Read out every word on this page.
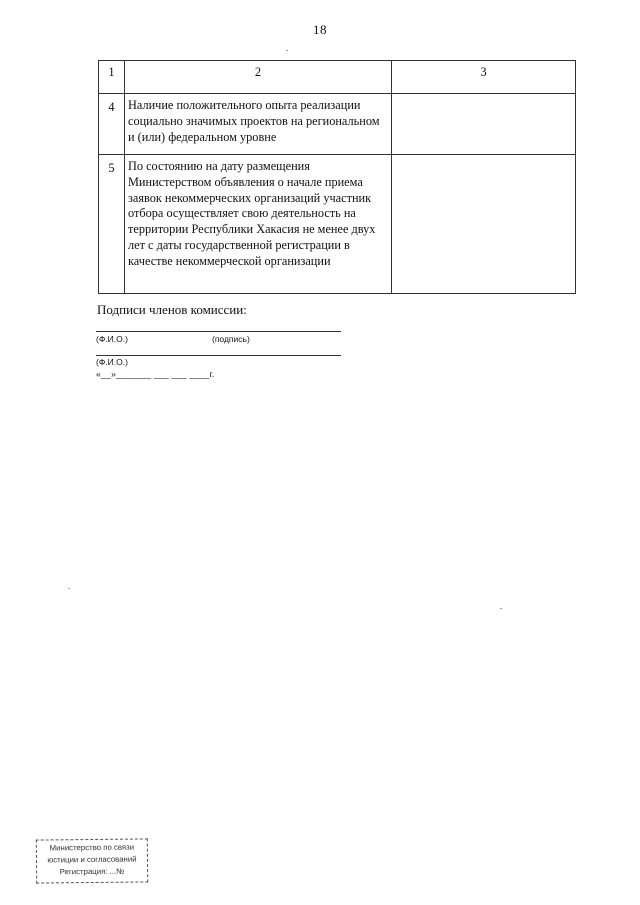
18
1	2	3
4	Наличие положительного опыта реализации социально значимых проектов на региональном и (или) федеральном уровне	
5	По состоянию на дату размещения Министерством объявления о начале приема заявок некоммерческих организаций участник отбора осуществляет свою деятельность на территории Республики Хакасия не менее двух лет с даты государственной регистрации в качестве некоммерческой организации	
Подписи членов комиссии:
(Ф.И.О.)	(подпись)
(Ф.И.О.)
«__»_______ ___ ___ ____г.
Министерство по связи
юстиции и согласований
Регистрация: ...№
